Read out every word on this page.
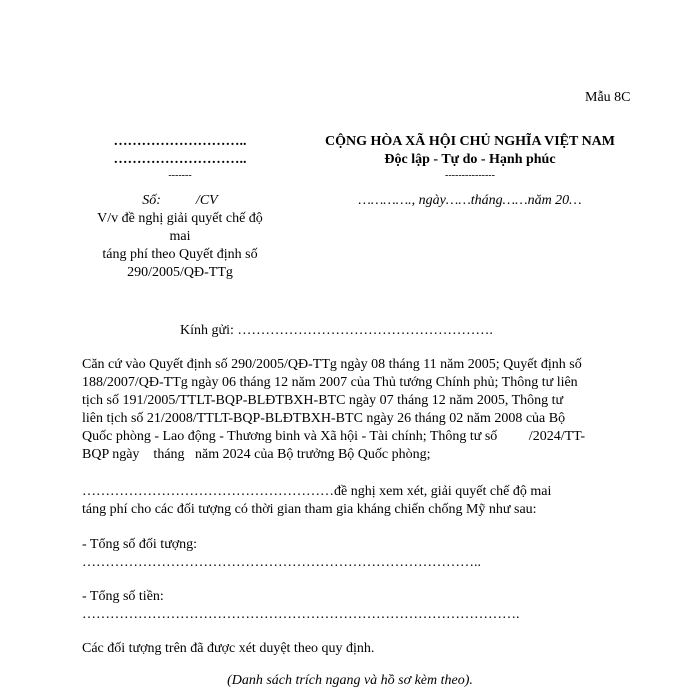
Mẫu 8C
………………………..
………………………..
-------
Số:          /CV
V/v đề nghị giải quyết chế độ
mai
táng phí theo Quyết định số
290/2005/QĐ-TTg
CỘNG HÒA XÃ HỘI CHỦ NGHĨA VIỆT NAM
Độc lập - Tự do - Hạnh phúc
---------------
…………., ngày……tháng……năm 20…
Kính gửi: ……………………………………………….
Căn cứ vào Quyết định số 290/2005/QĐ-TTg ngày 08 tháng 11 năm 2005; Quyết định số
188/2007/QĐ-TTg ngày 06 tháng 12 năm 2007 của Thủ tướng Chính phủ; Thông tư liên
tịch số 191/2005/TTLT-BQP-BLĐTBXH-BTC ngày 07 tháng 12 năm 2005, Thông tư
liên tịch số 21/2008/TTLT-BQP-BLĐTBXH-BTC ngày 26 tháng 02 năm 2008 của Bộ
Quốc phòng - Lao động - Thương binh và Xã hội - Tài chính; Thông tư số         /2024/TT-
BQP ngày    tháng   năm 2024 của Bộ trưởng Bộ Quốc phòng;
………………………………………………đề nghị xem xét, giải quyết chế độ mai
táng phí cho các đối tượng có thời gian tham gia kháng chiến chống Mỹ như sau:
- Tổng số đối tượng:
…………………………………………………………………………..
- Tổng số tiền:
………………………………………………………………………………….
Các đối tượng trên đã được xét duyệt theo quy định.
(Danh sách trích ngang và hồ sơ kèm theo).
